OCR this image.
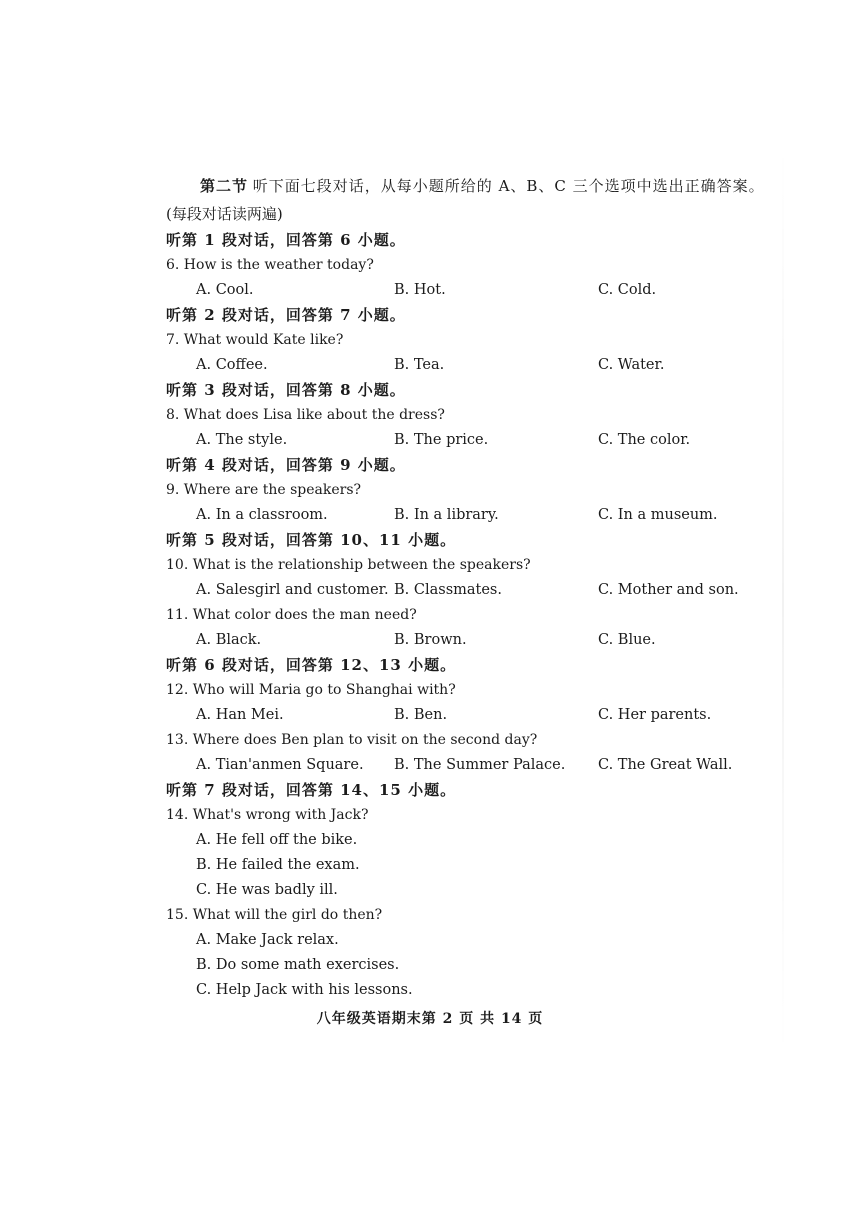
第二节 听下面七段对话，从每小题所给的 A、B、C 三个选项中选出正确答案。
(每段对话读两遍)

听第 1 段对话，回答第 6 小题。
6. How is the weather today?
A. Cool.	B. Hot.	C. Cold.
听第 2 段对话，回答第 7 小题。
7. What would Kate like?
A. Coffee.	B. Tea.	C. Water.
听第 3 段对话，回答第 8 小题。
8. What does Lisa like about the dress?
A. The style.	B. The price.	C. The color.
听第 4 段对话，回答第 9 小题。
9. Where are the speakers?
A. In a classroom.	B. In a library.	C. In a museum.
听第 5 段对话，回答第 10、11 小题。
10. What is the relationship between the speakers?
A. Salesgirl and customer. B. Classmates.	C. Mother and son.
11. What color does the man need?
A. Black.	B. Brown.	C. Blue.
听第 6 段对话，回答第 12、13 小题。
12. Who will Maria go to Shanghai with?
A. Han Mei.	B. Ben.	C. Her parents.
13. Where does Ben plan to visit on the second day?
A. Tian'anmen Square. B. The Summer Palace. C. The Great Wall.
听第 7 段对话，回答第 14、15 小题。
14. What's wrong with Jack?
A. He fell off the bike.
B. He failed the exam.
C. He was badly ill.
15. What will the girl do then?
A. Make Jack relax.
B. Do some math exercises.
C. Help Jack with his lessons.
八年级英语期末第 2 页 共 14 页
